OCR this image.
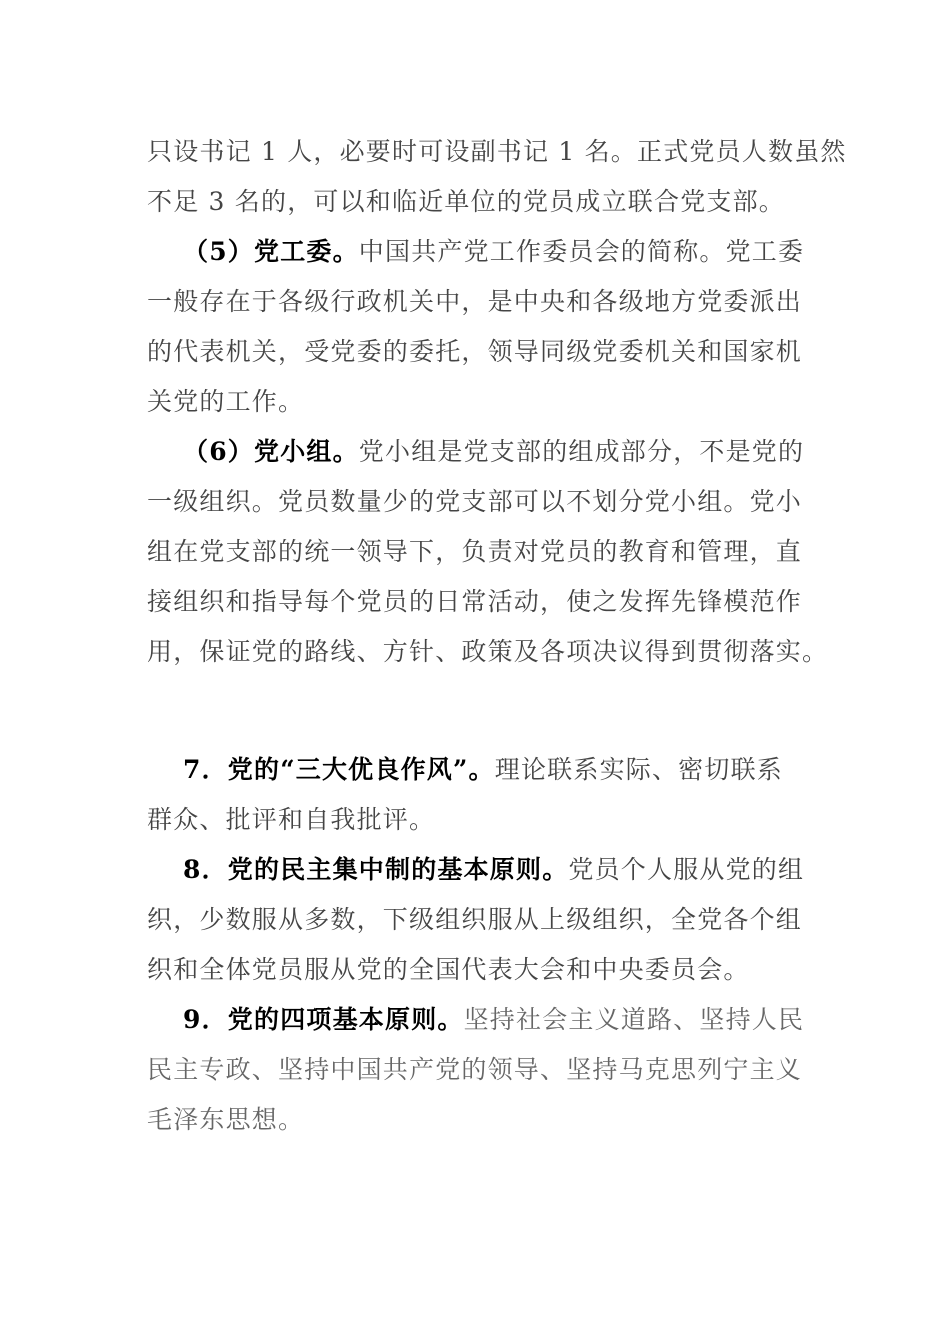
只设书记 1 人，必要时可设副书记 1 名。正式党员人数虽然
不足 3 名的，可以和临近单位的党员成立联合党支部。
（5）党工委。中国共产党工作委员会的简称。党工委
一般存在于各级行政机关中，是中央和各级地方党委派出
的代表机关，受党委的委托，领导同级党委机关和国家机
关党的工作。
（6）党小组。党小组是党支部的组成部分，不是党的
一级组织。党员数量少的党支部可以不划分党小组。党小
组在党支部的统一领导下，负责对党员的教育和管理，直
接组织和指导每个党员的日常活动，使之发挥先锋模范作
用，保证党的路线、方针、政策及各项决议得到贯彻落实。
7．党的“三大优良作风”。理论联系实际、密切联系
群众、批评和自我批评。
8．党的民主集中制的基本原则。党员个人服从党的组
织，少数服从多数，下级组织服从上级组织，全党各个组
织和全体党员服从党的全国代表大会和中央委员会。
9．党的四项基本原则。坚持社会主义道路、坚持人民
民主专政、坚持中国共产党的领导、坚持马克思列宁主义
毛泽东思想。
